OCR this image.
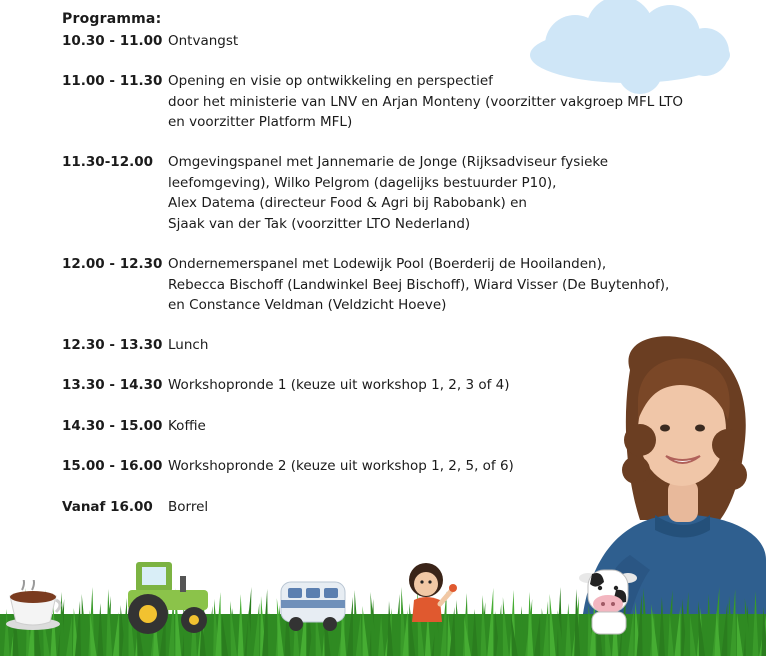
Programma:
10.30 - 11.00 Ontvangst
11.00 - 11.30 Opening en visie op ontwikkeling en perspectief
door het ministerie van LNV en Arjan Monteny (voorzitter vakgroep MFL LTO
en voorzitter Platform MFL)
11.30-12.00	Omgevingspanel met Jannemarie de Jonge (Rijksadviseur fysieke
leefomgeving), Wilko Pelgrom (dagelijks bestuurder P10),
Alex Datema (directeur Food & Agri bij Rabobank) en
Sjaak van der Tak (voorzitter LTO Nederland)
12.00 - 12.30 Ondernemerspanel met Lodewijk Pool (Boerderij de Hooilanden),
Rebecca Bischoff (Landwinkel Beej Bischoff), Wiard Visser (De Buytenhof),
en Constance Veldman (Veldzicht Hoeve)
12.30 - 13.30 Lunch
13.30 - 14.30 Workshopronde 1 (keuze uit workshop 1, 2, 3 of 4)
14.30 - 15.00 Koffie
15.00 - 16.00 Workshopronde 2 (keuze uit workshop 1, 2, 5, of 6)
Vanaf 16.00	Borrel
